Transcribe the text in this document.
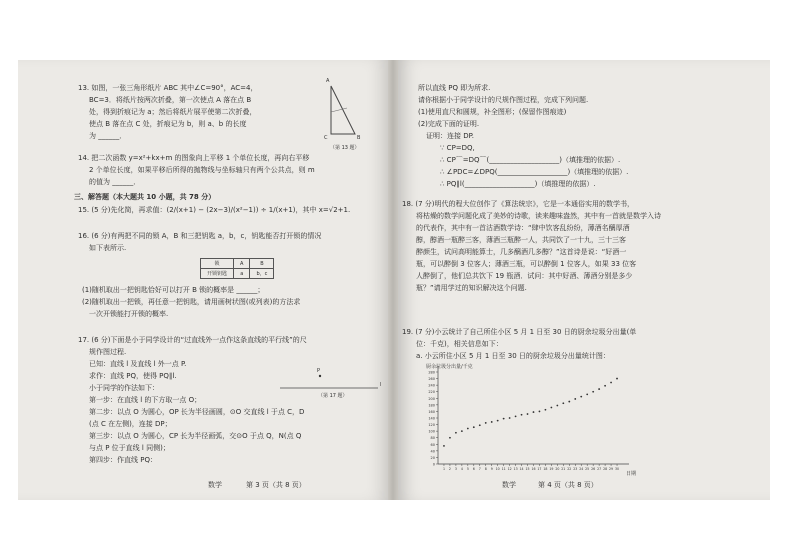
13. 如图，一张三角形纸片 ABC 其中∠C=90°，AC=4，
BC=3．将纸片按两次折叠，第一次使点 A 落在点 B
处，得到折痕记为 a；然后将纸片展平使第二次折叠，
使点 B 落在点 C 处，折痕记为 b，则 a、b 的长度
为 ______．
A
C	B
（第 13 题）
14. 把二次函数 y=x²+kx+m 的图象向上平移 1 个单位长度，再向右平移
2 个单位长度，如果平移后所得的抛物线与坐标轴只有两个公共点，则 m
的值为 ______．
三、解答题（本大题共 10 小题，共 78 分）
15. (5 分)先化简，再求值：(2/(x+1) − (2x−3)/(x²−1)) ÷ 1/(x+1)，其中 x=√2+1.
16. (6 分)有两把不同的锁 A，B 和三把钥匙 a，b，c，钥匙能否打开锁的情况
如下表所示.
锁	A	B
开锁钥匙	a	b，c
(1)随机取出一把钥匙恰好可以打开 B 锁的概率是 ______；
(2)随机取出一把锁，再任意一把钥匙，请用画树状图(或列表)的方法求
一次开锁能打开锁的概率.
17. (6 分)下面是小于同学设计的“过直线外一点作这条直线的平行线”的尺
规作图过程.
已知：直线 l 及直线 l 外一点 P.
求作：直线 PQ，使得 PQ∥l.
小于同学的作法如下：
第一步：在直线 l 的下方取一点 O；
第二步：以点 O 为圆心，OP 长为半径画圆，⊙O 交直线 l 于点 C，D
(点 C 在左侧)，连接 DP；
第三步：以点 O 为圆心，CP 长为半径画弧，交⊙O 于点 Q，N(点 Q
与点 P 位于直线 l 同侧)；
第四步：作直线 PQ：
P
l
（第 17 题）
数学	第 3 页（共 8 页）
所以直线 PQ 即为所求.
请你根据小于同学设计的尺规作图过程，完成下列问题.
(1)使用直尺和圆规，补全图形；(保留作图痕迹)
(2)完成下面的证明.
证明：连接 DP.
∵ CP=DQ,
∴ CP⌒=DQ⌒(____________________)（填推理的依据）.
∴ ∠PDC=∠DPQ(____________________)（填推理的依据）.
∴ PQ∥l(____________________)（填推理的依据）.
18. (7 分)明代的程大位创作了《算法统宗》，它是一本通俗实用的数学书，
将枯燥的数学问题化成了美妙的诗歌，读来趣味盎然，其中有一首就是数学入诗
的代表作，其中有一首沽酒数学诗：“肆中饮客乱纷纷，薄酒名醨厚酒
醇，醇酒一瓶醉三客，薄酒三瓶醉一人，共同饮了一十九，三十三客
醉颜生，试问高明能算士，几多醨酒几多醇？”这首诗是说：“好酒一
瓶，可以醉倒 3 位客人；薄酒三瓶，可以醉倒 1 位客人，如果 33 位客
人醉倒了，他们总共饮下 19 瓶酒．试问：其中好酒、薄酒分别是多少
瓶？”请用学过的知识解决这个问题.
19. (7 分)小云统计了自己所住小区 5 月 1 日至 30 日的厨余垃圾分出量(单
位：千克)，相关信息如下：
a. 小云所住小区 5 月 1 日至 30 日的厨余垃圾分出量统计图：
厨余垃圾分出量/千克
0
20
40
60
80
100
120
140
160
180
200
220
240
260
280
1 2 3 4 5 6 7 8 9 10 11 12 13 14 15 16 17 18 19 20 21 22 23 24 25 26 27 28 29 30
日期
数学	第 4 页（共 8 页）
